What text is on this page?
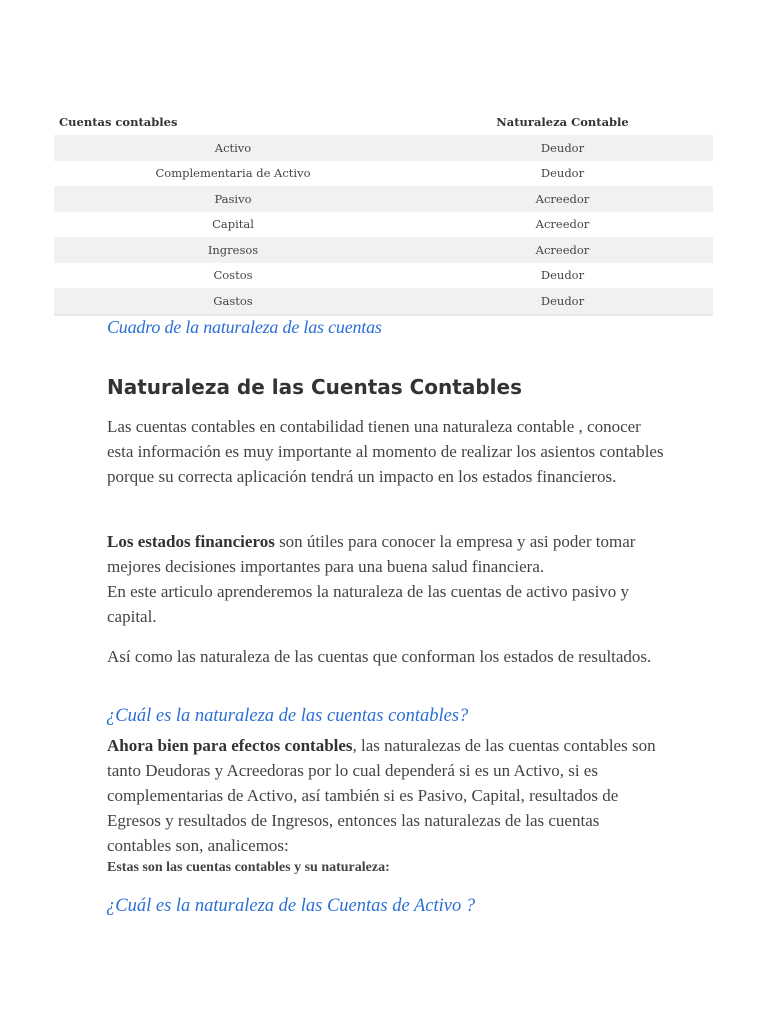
Cuentas contables	Naturaleza Contable
Activo	Deudor
Complementaria de Activo	Deudor
Pasivo	Acreedor
Capital	Acreedor
Ingresos	Acreedor
Costos	Deudor
Gastos	Deudor
Cuadro de la naturaleza de las cuentas
Naturaleza de las Cuentas Contables

Las cuentas contables en contabilidad tienen una naturaleza contable , conocer esta información es muy importante al momento de realizar los asientos contables porque su correcta aplicación tendrá un impacto en los estados financieros.

Los estados financieros son útiles para conocer la empresa y asi poder tomar mejores decisiones importantes para una buena salud financiera.
En este articulo aprenderemos la naturaleza de las cuentas de activo pasivo y capital.

Así como las naturaleza de las cuentas que conforman los estados de resultados.

¿Cuál es la naturaleza de las cuentas contables?

Ahora bien para efectos contables, las naturalezas de las cuentas contables son tanto Deudoras y Acreedoras por lo cual dependerá si es un Activo, si es complementarias de Activo, así también si es Pasivo, Capital, resultados de Egresos y resultados de Ingresos, entonces las naturalezas de las cuentas contables son, analicemos:

Estas son las cuentas contables y su naturaleza:

¿Cuál es la naturaleza de las Cuentas de Activo ?
